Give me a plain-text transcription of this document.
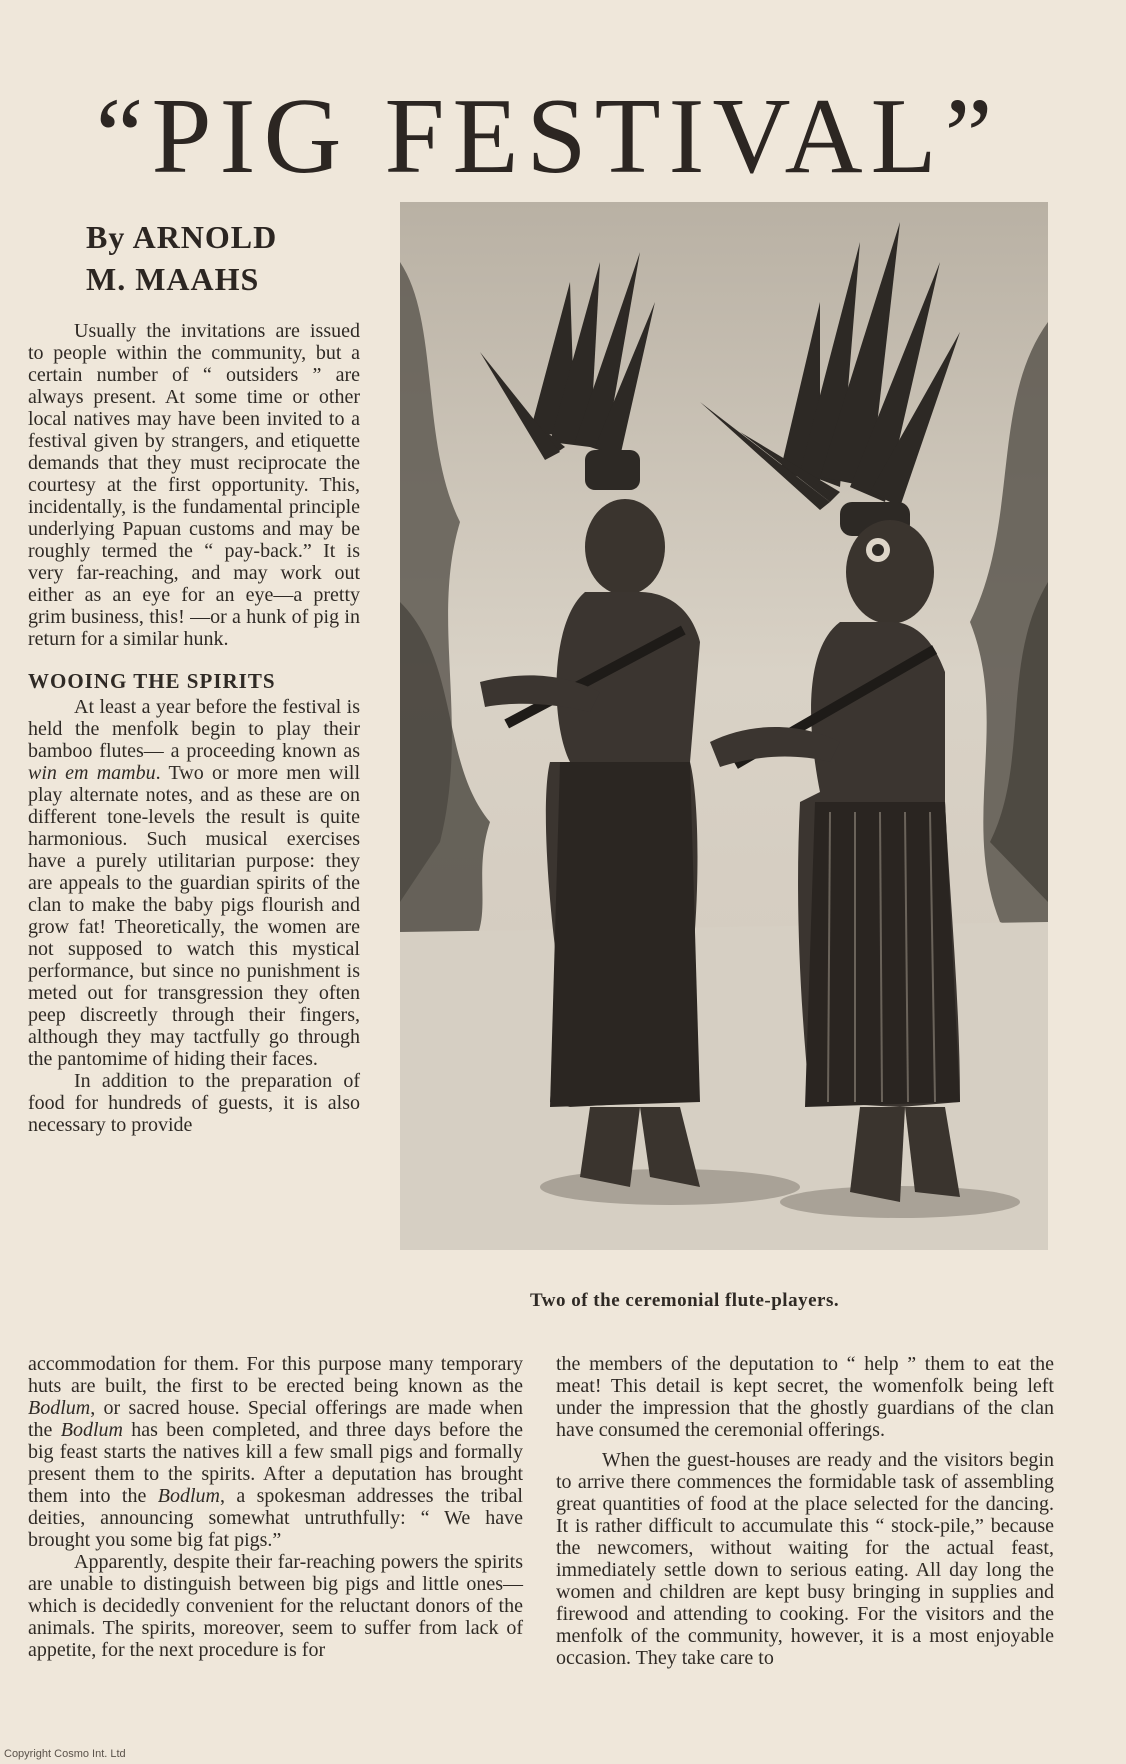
“PIG FESTIVAL”
By ARNOLD
M. MAAHS

Usually the invitations are issued to people within the community, but a certain number of “ outsiders ” are always present. At some time or other local natives may have been invited to a festival given by strangers, and etiquette demands that they must reciprocate the courtesy at the first opportunity. This, incidentally, is the fundamental principle underlying Papuan customs and may be roughly termed the “ pay-back.” It is very far-reaching, and may work out either as an eye for an eye—a pretty grim business, this! —or a hunk of pig in return for a similar hunk.

WOOING THE SPIRITS

At least a year before the festival is held the menfolk begin to play their bamboo flutes— a proceeding known as win em mambu. Two or more men will play alternate notes, and as these are on different tone-levels the result is quite harmonious. Such musical exercises have a purely utilitarian purpose: they are appeals to the guardian spirits of the clan to make the baby pigs flourish and grow fat! Theoretically, the women are not supposed to watch this mystical performance, but since no punishment is meted out for transgression they often peep discreetly through their fingers, although they may tactfully go through the pantomime of hiding their faces.

In addition to the preparation of food for hundreds of guests, it is also necessary to provide

Two of the ceremonial flute-players.

accommodation for them. For this purpose many temporary huts are built, the first to be erected being known as the Bodlum, or sacred house. Special offerings are made when the Bodlum has been completed, and three days before the big feast starts the natives kill a few small pigs and formally present them to the spirits. After a deputation has brought them into the Bodlum, a spokesman addresses the tribal deities, announcing somewhat untruthfully: “ We have brought you some big fat pigs.”

Apparently, despite their far-reaching powers the spirits are unable to distinguish between big pigs and little ones—which is decidedly convenient for the reluctant donors of the animals. The spirits, moreover, seem to suffer from lack of appetite, for the next procedure is for

the members of the deputation to “ help ” them to eat the meat! This detail is kept secret, the womenfolk being left under the impression that the ghostly guardians of the clan have consumed the ceremonial offerings.

When the guest-houses are ready and the visitors begin to arrive there commences the formidable task of assembling great quantities of food at the place selected for the dancing. It is rather difficult to accumulate this “ stock-pile,” because the newcomers, without waiting for the actual feast, immediately settle down to serious eating. All day long the women and children are kept busy bringing in supplies and firewood and attending to cooking. For the visitors and the menfolk of the community, however, it is a most enjoyable occasion. They take care to

Copyright Cosmo Int. Ltd
